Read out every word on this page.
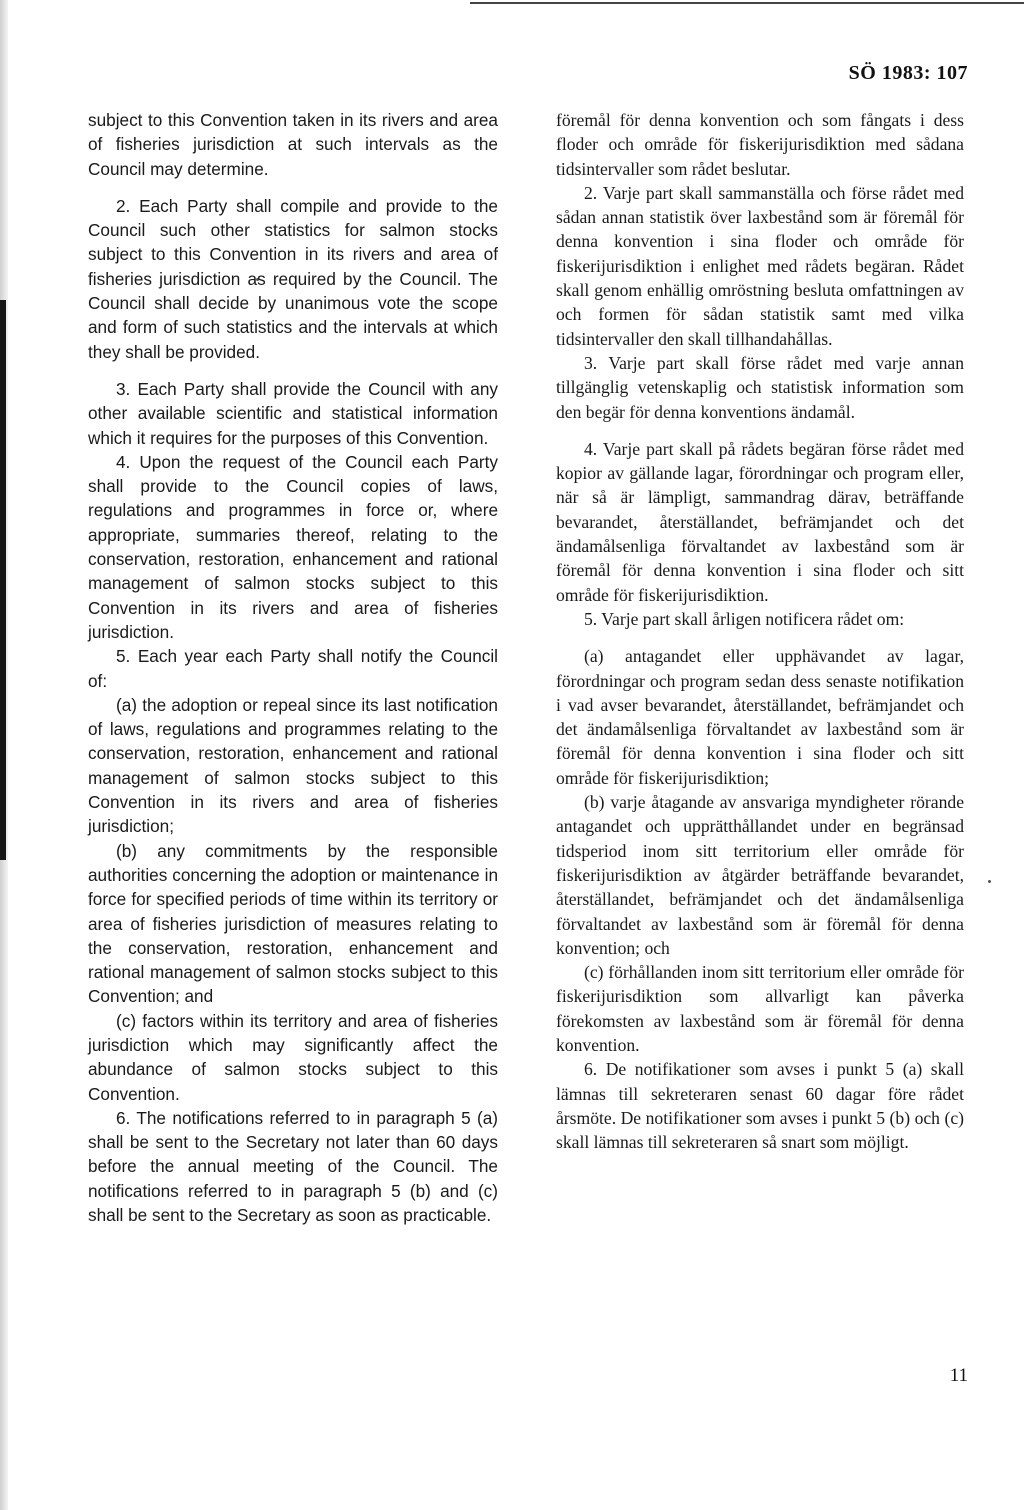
SÖ 1983: 107

subject to this Convention taken in its rivers and area of fisheries jurisdiction at such intervals as the Council may determine.

2. Each Party shall compile and provide to the Council such other statistics for salmon stocks subject to this Convention in its rivers and area of fisheries jurisdiction as required by the Council. The Council shall decide by unanimous vote the scope and form of such statistics and the intervals at which they shall be provided.

3. Each Party shall provide the Council with any other available scientific and statistical information which it requires for the purposes of this Convention.

4. Upon the request of the Council each Party shall provide to the Council copies of laws, regulations and programmes in force or, where appropriate, summaries thereof, relating to the conservation, restoration, enhancement and rational management of salmon stocks subject to this Convention in its rivers and area of fisheries jurisdiction.

5. Each year each Party shall notify the Council of:

(a) the adoption or repeal since its last notification of laws, regulations and programmes relating to the conservation, restoration, enhancement and rational management of salmon stocks subject to this Convention in its rivers and area of fisheries jurisdiction;

(b) any commitments by the responsible authorities concerning the adoption or maintenance in force for specified periods of time within its territory or area of fisheries jurisdiction of measures relating to the conservation, restoration, enhancement and rational management of salmon stocks subject to this Convention; and

(c) factors within its territory and area of fisheries jurisdiction which may significantly affect the abundance of salmon stocks subject to this Convention.

6. The notifications referred to in paragraph 5 (a) shall be sent to the Secretary not later than 60 days before the annual meeting of the Council. The notifications referred to in paragraph 5 (b) and (c) shall be sent to the Secretary as soon as practicable.

föremål för denna konvention och som fångats i dess floder och område för fiskerijurisdiktion med sådana tidsintervaller som rådet beslutar.

2. Varje part skall sammanställa och förse rådet med sådan annan statistik över laxbestånd som är föremål för denna konvention i sina floder och område för fiskerijurisdiktion i enlighet med rådets begäran. Rådet skall genom enhällig omröstning besluta omfattningen av och formen för sådan statistik samt med vilka tidsintervaller den skall tillhandahållas.

3. Varje part skall förse rådet med varje annan tillgänglig vetenskaplig och statistisk information som den begär för denna konventions ändamål.

4. Varje part skall på rådets begäran förse rådet med kopior av gällande lagar, förordningar och program eller, när så är lämpligt, sammandrag därav, beträffande bevarandet, återställandet, befrämjandet och det ändamålsenliga förvaltandet av laxbestånd som är föremål för denna konvention i sina floder och sitt område för fiskerijurisdiktion.

5. Varje part skall årligen notificera rådet om:

(a) antagandet eller upphävandet av lagar, förordningar och program sedan dess senaste notifikation i vad avser bevarandet, återställandet, befrämjandet och det ändamålsenliga förvaltandet av laxbestånd som är föremål för denna konvention i sina floder och sitt område för fiskerijurisdiktion;

(b) varje åtagande av ansvariga myndigheter rörande antagandet och upprätthållandet under en begränsad tidsperiod inom sitt territorium eller område för fiskerijurisdiktion av åtgärder beträffande bevarandet, återställandet, befrämjandet och det ändamålsenliga förvaltandet av laxbestånd som är föremål för denna konvention; och

(c) förhållanden inom sitt territorium eller område för fiskerijurisdiktion som allvarligt kan påverka förekomsten av laxbestånd som är föremål för denna konvention.

6. De notifikationer som avses i punkt 5 (a) skall lämnas till sekreteraren senast 60 dagar före rådet årsmöte. De notifikationer som avses i punkt 5 (b) och (c) skall lämnas till sekreteraren så snart som möjligt.

11
